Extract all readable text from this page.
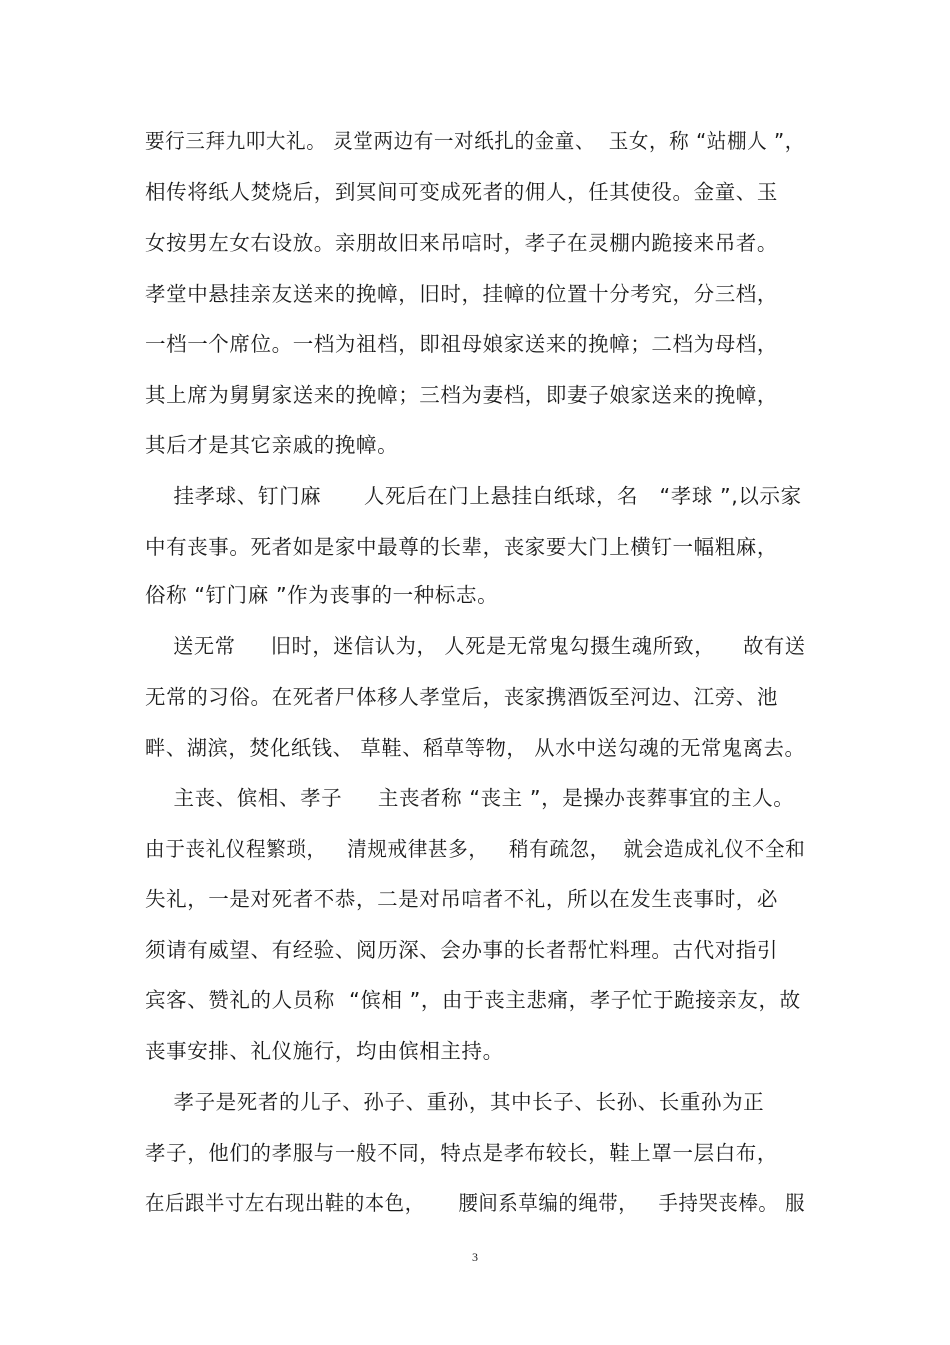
要行三拜九叩大礼。 灵堂两边有一对纸扎的金童、  玉女，称 “站棚人 ”，
相传将纸人焚烧后，到冥间可变成死者的佣人，任其使役。金童、玉
女按男左女右设放。亲朋故旧来吊唁时，孝子在灵棚内跪接来吊者。
孝堂中悬挂亲友送来的挽幛，旧时，挂幛的位置十分考究，分三档，
一档一个席位。一档为祖档，即祖母娘家送来的挽幛；二档为母档，
其上席为舅舅家送来的挽幛；三档为妻档，即妻子娘家送来的挽幛，
其后才是其它亲戚的挽幛。
挂孝球、钉门麻      人死后在门上悬挂白纸球，名   “孝球 ”,以示家
中有丧事。死者如是家中最尊的长辈，丧家要大门上横钉一幅粗麻，
俗称 “钉门麻 ”作为丧事的一种标志。
送无常     旧时，迷信认为， 人死是无常鬼勾摄生魂所致，    故有送
无常的习俗。在死者尸体移人孝堂后，丧家携酒饭至河边、江旁、池
畔、湖滨，焚化纸钱、 草鞋、稻草等物， 从水中送勾魂的无常鬼离去。
主丧、傧相、孝子     主丧者称 “丧主 ”，是操办丧葬事宜的主人。
由于丧礼仪程繁琐，   清规戒律甚多，   稍有疏忽，  就会造成礼仪不全和
失礼，一是对死者不恭，二是对吊唁者不礼，所以在发生丧事时，必
须请有威望、有经验、阅历深、会办事的长者帮忙料理。古代对指引
宾客、赞礼的人员称  “傧相 ”，由于丧主悲痛，孝子忙于跪接亲友，故
丧事安排、礼仪施行，均由傧相主持。
孝子是死者的儿子、孙子、重孙，其中长子、长孙、长重孙为正
孝子，他们的孝服与一般不同，特点是孝布较长，鞋上罩一层白布，
在后跟半寸左右现出鞋的本色，     腰间系草编的绳带，   手持哭丧棒。 服
3
